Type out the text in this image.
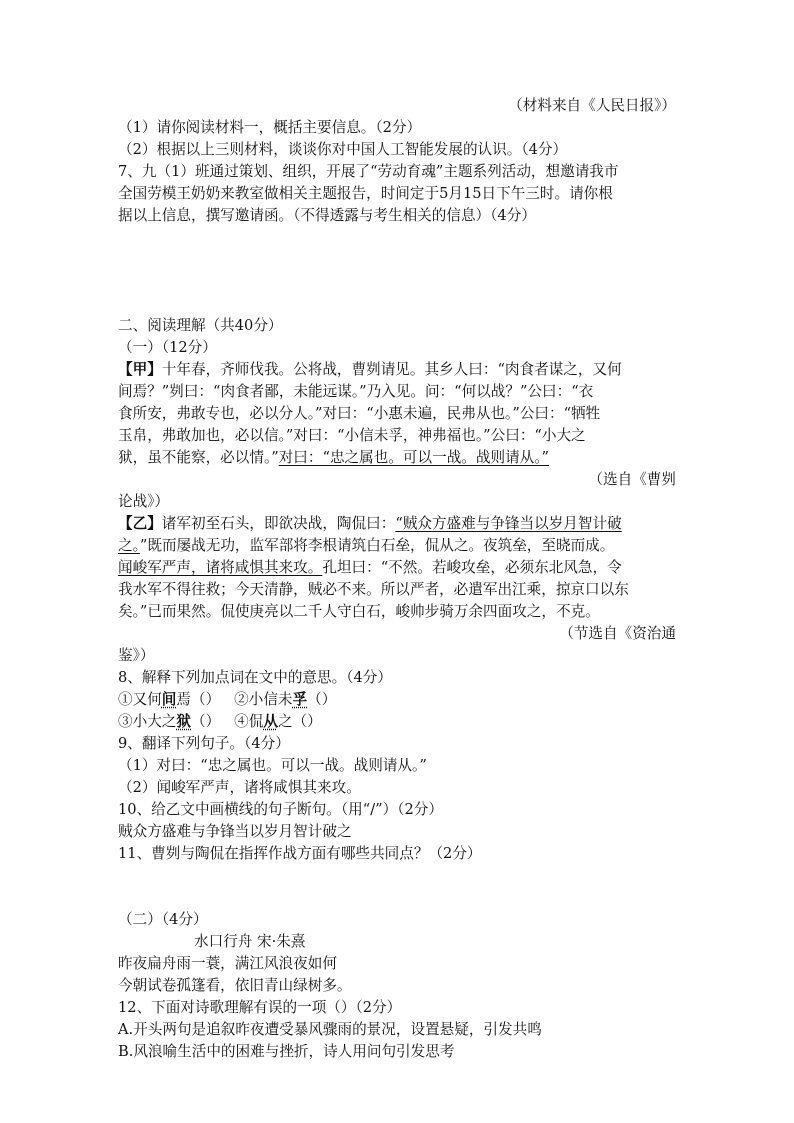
（材料来自《人民日报》）
（1）请你阅读材料一，概括主要信息。（2分）
（2）根据以上三则材料，谈谈你对中国人工智能发展的认识。（4分）
7、九（1）班通过策划、组织，开展了“劳动育魂”主题系列活动，想邀请我市
全国劳模王奶奶来教室做相关主题报告，时间定于5月15日下午三时。请你根
据以上信息，撰写邀请函。（不得透露与考生相关的信息）（4分）
二、阅读理解（共40分）
（一）（12分）
【甲】十年春，齐师伐我。公将战，曹刿请见。其乡人曰：“肉食者谋之，又何
间焉？”刿曰：“肉食者鄙，未能远谋。”乃入见。问：“何以战？”公曰：“衣
食所安，弗敢专也，必以分人。”对曰：“小惠未遍，民弗从也。”公曰：“牺牲
玉帛，弗敢加也，必以信。”对曰：“小信未孚，神弗福也。”公曰：“小大之
狱，虽不能察，必以情。”对曰：“忠之属也。可以一战。战则请从。”
（选自《曹刿
论战》）
【乙】诸军初至石头，即欲决战，陶侃曰：“贼众方盛难与争锋当以岁月智计破
之。”既而屡战无功，监军部将李根请筑白石垒，侃从之。夜筑垒，至晓而成。
闻峻军严声，诸将咸惧其来攻。孔坦曰：“不然。若峻攻垒，必须东北风急，令
我水军不得往救；今天清静，贼必不来。所以严者，必遣军出江乘，掠京口以东
矣。”已而果然。侃使庚亮以二千人守白石，峻帅步骑万余四面攻之，不克。
（节选自《资治通
鉴》）
8、解释下列加点词在文中的意思。（4分）
①又何间焉（） ②小信未孚（）
③小大之狱（） ④侃从之（）
9、翻译下列句子。（4分）
（1）对曰：“忠之属也。可以一战。战则请从。”
（2）闻峻军严声，诸将咸惧其来攻。
10、给乙文中画横线的句子断句。（用“/”）（2分）
贼众方盛难与争锋当以岁月智计破之
11、曹刿与陶侃在指挥作战方面有哪些共同点？（2分）
（二）（4分）
水口行舟 宋·朱熹
昨夜扁舟雨一蓑，满江风浪夜如何
今朝试卷孤篷看，依旧青山绿树多。
12、下面对诗歌理解有误的一项（）（2分）
A.开头两句是追叙昨夜遭受暴风骤雨的景况，设置悬疑，引发共鸣
B.风浪喻生活中的困难与挫折，诗人用问句引发思考
